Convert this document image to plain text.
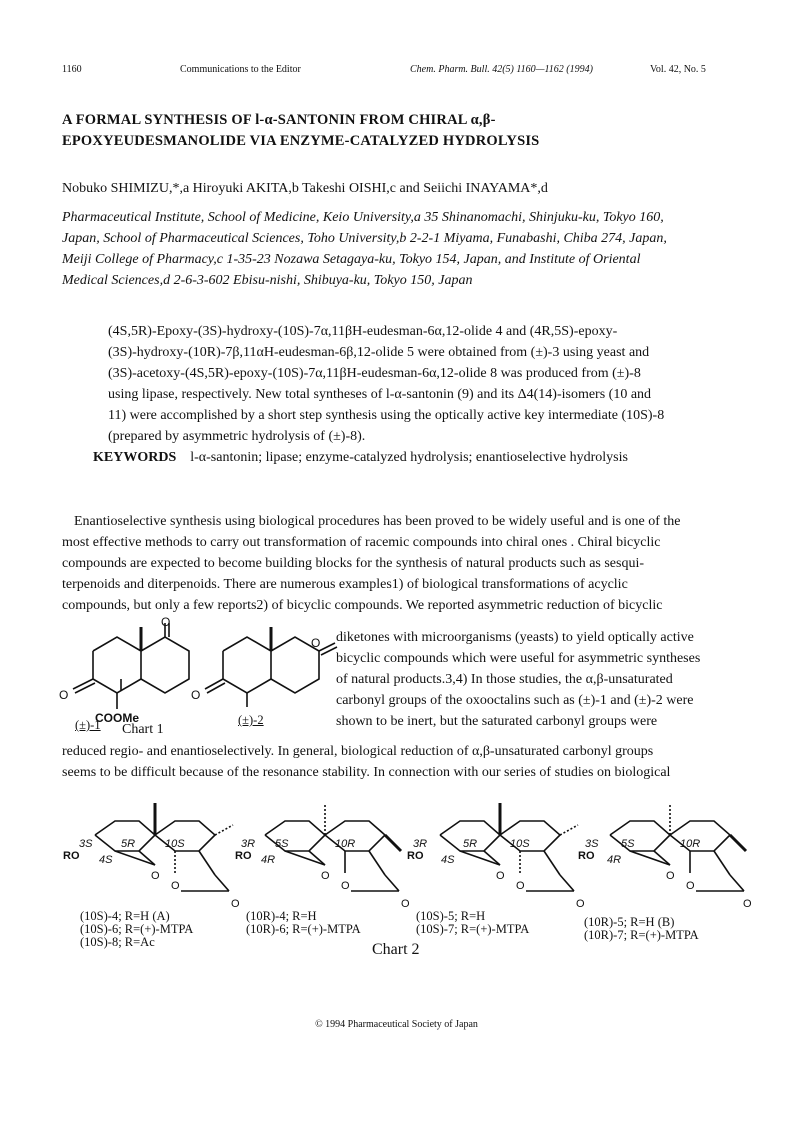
1160	Communications to the Editor	Chem. Pharm. Bull. 42(5) 1160—1162 (1994)	Vol. 42, No. 5
A FORMAL SYNTHESIS OF l-α-SANTONIN FROM CHIRAL α,β-
EPOXYEUDESMANOLIDE VIA ENZYME-CATALYZED HYDROLYSIS
Nobuko SHIMIZU,*,a Hiroyuki AKITA,b Takeshi OISHI,c and Seiichi INAYAMA*,d
Pharmaceutical Institute, School of Medicine, Keio University,a 35 Shinanomachi, Shinjuku-ku, Tokyo 160,
Japan, School of Pharmaceutical Sciences, Toho University,b 2-2-1 Miyama, Funabashi, Chiba 274, Japan,
Meiji College of Pharmacy,c 1-35-23 Nozawa Setagaya-ku, Tokyo 154, Japan, and Institute of Oriental
Medical Sciences,d 2-6-3-602 Ebisu-nishi, Shibuya-ku, Tokyo 150, Japan

(4S,5R)-Epoxy-(3S)-hydroxy-(10S)-7α,11βH-eudesman-6α,12-olide 4 and (4R,5S)-epoxy-

(3S)-hydroxy-(10R)-7β,11αH-eudesman-6β,12-olide 5 were obtained from (±)-3 using yeast and

(3S)-acetoxy-(4S,5R)-epoxy-(10S)-7α,11βH-eudesman-6α,12-olide 8 was produced from (±)-8

using lipase, respectively. New total syntheses of l-α-santonin (9) and its Δ4(14)-isomers (10 and

11) were accomplished by a short step synthesis using the optically active key intermediate (10S)-8

(prepared by asymmetric hydrolysis of (±)-8).

KEYWORDS l-α-santonin; lipase; enzyme-catalyzed hydrolysis; enantioselective hydrolysis

Enantioselective synthesis using biological procedures has been proved to be widely useful and is one of the

most effective methods to carry out transformation of racemic compounds into chiral ones . Chiral bicyclic

compounds are expected to become building blocks for the synthesis of natural products such as sesqui-

terpenoids and diterpenoids. There are numerous examples1) of biological transformations of acyclic

compounds, but only a few reports2) of bicyclic compounds. We reported asymmetric reduction of bicyclic

diketones with microorganisms (yeasts) to yield optically active

bicyclic compounds which were useful for asymmetric syntheses

of natural products.3,4) In those studies, the α,β-unsaturated

carbonyl groups of the oxooctalins such as (±)-1 and (±)-2 were

shown to be inert, but the saturated carbonyl groups were

O
O
COOMe
O
O
(±)-1 Chart 1
(±)-2

reduced regio- and enantioselectively. In general, biological reduction of α,β-unsaturated carbonyl groups

seems to be difficult because of the resonance stability. In connection with our series of studies on biological

10S
3S	5R
RO 4S
O
O
O
10R
3R 5S
RO 4R
O
O
O
10S
3R	5R
RO 4S
O
O
O
10R
3S 5S
RO 4R
O
O
O
(10S)-4; R=H (A)
(10S)-6; R=(+)-MTPA
(10S)-8; R=Ac
(10R)-4; R=H
(10R)-6; R=(+)-MTPA
(10S)-5; R=H
(10S)-7; R=(+)-MTPA	(10R)-5; R=H (B)
(10R)-7; R=(+)-MTPA
Chart 2
© 1994 Pharmaceutical Society of Japan
